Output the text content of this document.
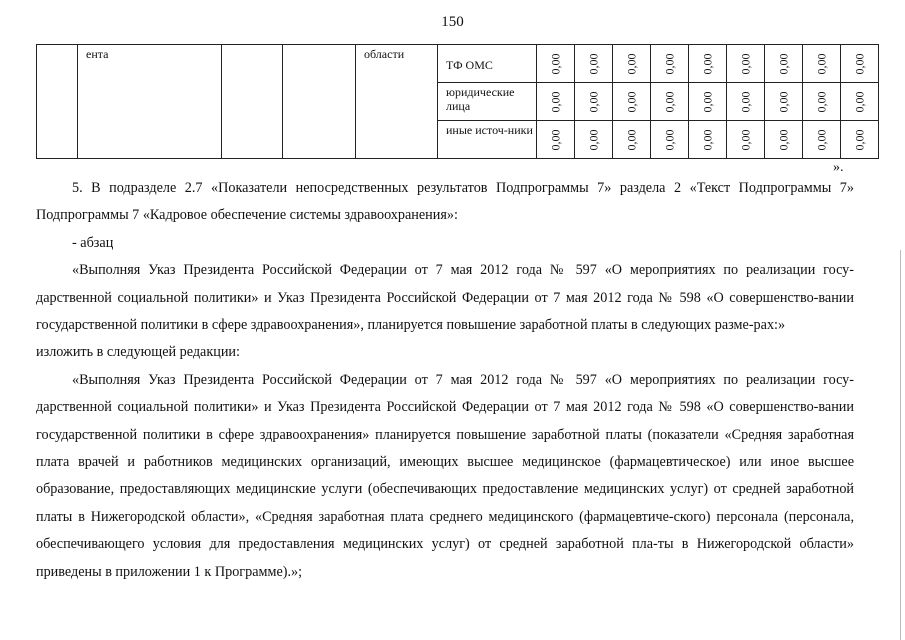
150
	ента			области	ТФ ОМС	0,00	0,00	0,00	0,00	0,00	0,00	0,00	0,00	0,00

					юридические лица	0,00	0,00	0,00	0,00	0,00	0,00	0,00	0,00	0,00

					иные источ-ники	0,00	0,00	0,00	0,00	0,00	0,00	0,00	0,00	0,00
».
5. В подразделе 2.7 «Показатели непосредственных результатов Подпрограммы 7» раздела 2 «Текст Подпрограммы 7» Подпрограммы 7 «Кадровое обеспечение системы здравоохранения»:
- абзац
«Выполняя Указ Президента Российской Федерации от 7 мая 2012 года № 597 «О мероприятиях по реализации госу-дарственной социальной политики» и Указ Президента Российской Федерации от 7 мая 2012 года № 598 «О совершенство-вании государственной политики в сфере здравоохранения», планируется повышение заработной платы в следующих разме-рах:»
изложить в следующей редакции:
«Выполняя Указ Президента Российской Федерации от 7 мая 2012 года № 597 «О мероприятиях по реализации госу-дарственной социальной политики» и Указ Президента Российской Федерации от 7 мая 2012 года № 598 «О совершенство-вании государственной политики в сфере здравоохранения» планируется повышение заработной платы (показатели «Средняя заработная плата врачей и работников медицинских организаций, имеющих высшее медицинское (фармацевтическое) или иное высшее образование, предоставляющих медицинские услуги (обеспечивающих предоставление медицинских услуг) от средней заработной платы в Нижегородской области», «Средняя заработная плата среднего медицинского (фармацевтиче-ского) персонала (персонала, обеспечивающего условия для предоставления медицинских услуг) от средней заработной пла-ты в Нижегородской области» приведены в приложении 1 к Программе).»;
